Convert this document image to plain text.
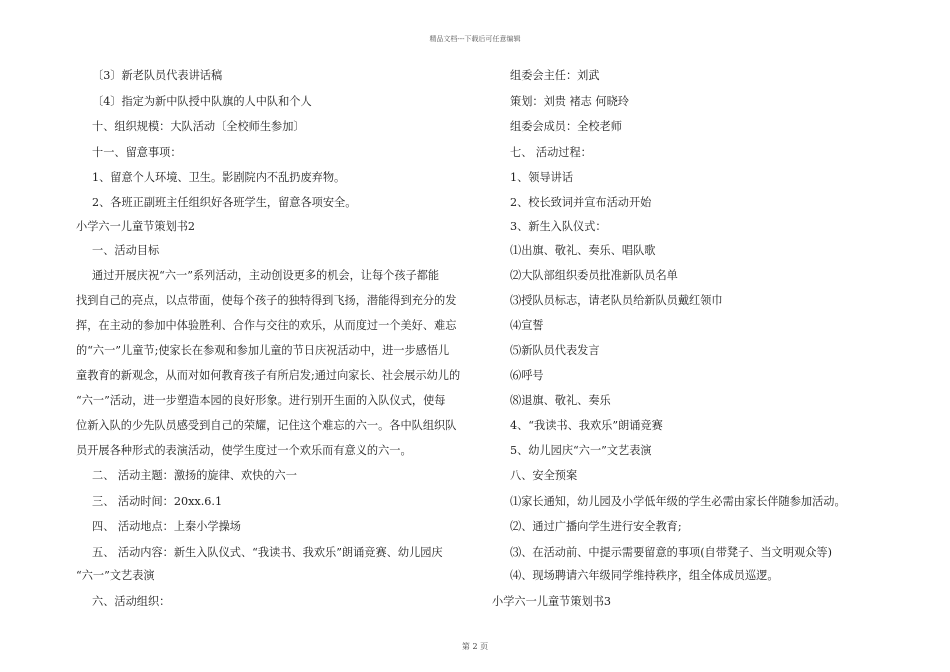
精品文档---下载后可任意编辑
〔3〕新老队员代表讲话稿
〔4〕指定为新中队授中队旗的人中队和个人
十、组织规模：大队活动〔全校师生参加〕
十一、留意事项：
1、留意个人环境、卫生。影剧院内不乱扔废弃物。
2、各班正副班主任组织好各班学生，留意各项安全。
小学六一儿童节策划书2
一、活动目标
通过开展庆祝“六一”系列活动，主动创设更多的机会，让每个孩子都能
找到自己的亮点，以点带面，使每个孩子的独特得到飞扬，潜能得到充分的发
挥，在主动的参加中体验胜利、合作与交往的欢乐，从而度过一个美好、难忘
的“六一”儿童节;使家长在参观和参加儿童的节日庆祝活动中，进一步感悟儿
童教育的新观念，从而对如何教育孩子有所启发;通过向家长、社会展示幼儿的
“六一”活动，进一步塑造本园的良好形象。进行别开生面的入队仪式，使每
位新入队的少先队员感受到自己的荣耀，记住这个难忘的六一。各中队组织队
员开展各种形式的表演活动，使学生度过一个欢乐而有意义的六一。
二、 活动主题：激扬的旋律、欢快的六一
三、 活动时间：20xx.6.1
四、 活动地点：上秦小学操场
五、 活动内容：新生入队仪式、“我读书、我欢乐”朗诵竞赛、幼儿园庆
“六一”文艺表演
六、活动组织：
组委会主任：刘武
策划：刘贵 褚志 何晓玲
组委会成员：全校老师
七、 活动过程：
1、领导讲话
2、校长致词并宣布活动开始
3、新生入队仪式：
⑴出旗、敬礼、奏乐、唱队歌
⑵大队部组织委员批准新队员名单
⑶授队员标志，请老队员给新队员戴红领巾
⑷宣誓
⑸新队员代表发言
⑹呼号
⑻退旗、敬礼、奏乐
4、“我读书、我欢乐”朗诵竞赛
5、幼儿园庆“六一”文艺表演
八、安全预案
⑴家长通知，幼儿园及小学低年级的学生必需由家长伴随参加活动。
⑵、通过广播向学生进行安全教育;
⑶、在活动前、中提示需要留意的事项(自带凳子、当文明观众等)
⑷、现场聘请六年级同学维持秩序，组全体成员巡逻。
小学六一儿童节策划书3
第 2 页
